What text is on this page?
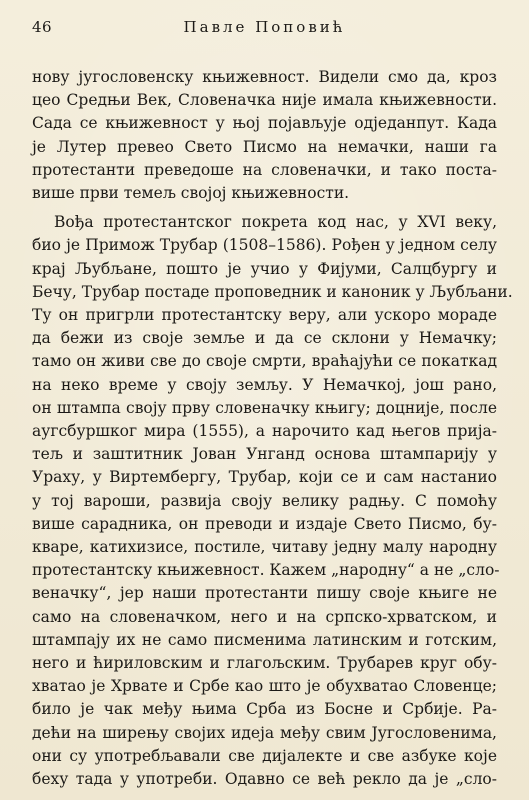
46	Павле Поповић

нову југословенску књижевност. Видели смо да, кроз
цео Средњи Век, Словеначка није имала књижевности.
Сада се књижевност у њој појављује одједанпут. Када
је Лутер превео Свето Писмо на немачки, наши га
протестанти преведоше на словеначки, и тако поста-
више први темељ својој књижевности.

Вођа протестантског покрета код нас, у XVI веку,
био је Примож Трубар (1508–1586). Рођен у једном селу
крај Љубљане, пошто је учио у Фијуми, Салцбургу и
Бечу, Трубар постаде проповедник и каноник у Љубљани.
Ту он пригрли протестантску веру, али ускоро мораде
да бежи из своје земље и да се склони у Немачку;
тамо он живи све до своје смрти, враћајући се покаткад
на неко време у своју земљу. У Немачкој, још рано,
он штампа своју прву словеначку књигу; доцније, после
аугсбуршког мира (1555), а нарочито кад његов прија-
тељ и заштитник Јован Унганд основа штампарију у
Ураху, у Виртембергу, Трубар, који се и сам настанио
у тој вароши, развија своју велику радњу. С помоћу
више сарадника, он преводи и издаје Свето Писмо, бу-
кваре, катихизисе, постиле, читаву једну малу народну
протестантску књижевност. Кажем „народну“ а не „сло-
веначку“, јер наши протестанти пишу своје књиге не
само на словеначком, него и на српско-хрватском, и
штампају их не само писменима латинским и готским,
него и ћириловским и глагољским. Трубарев круг обу-
хватао је Хрвате и Србе као што је обухватао Словенце;
било је чак међу њима Срба из Босне и Србије. Ра-
дећи на ширењу својих идеја међу свим Југословенима,
они су употребљавали све дијалекте и све азбуке које
беху тада у употреби. Одавно се већ рекло да је „сло-
